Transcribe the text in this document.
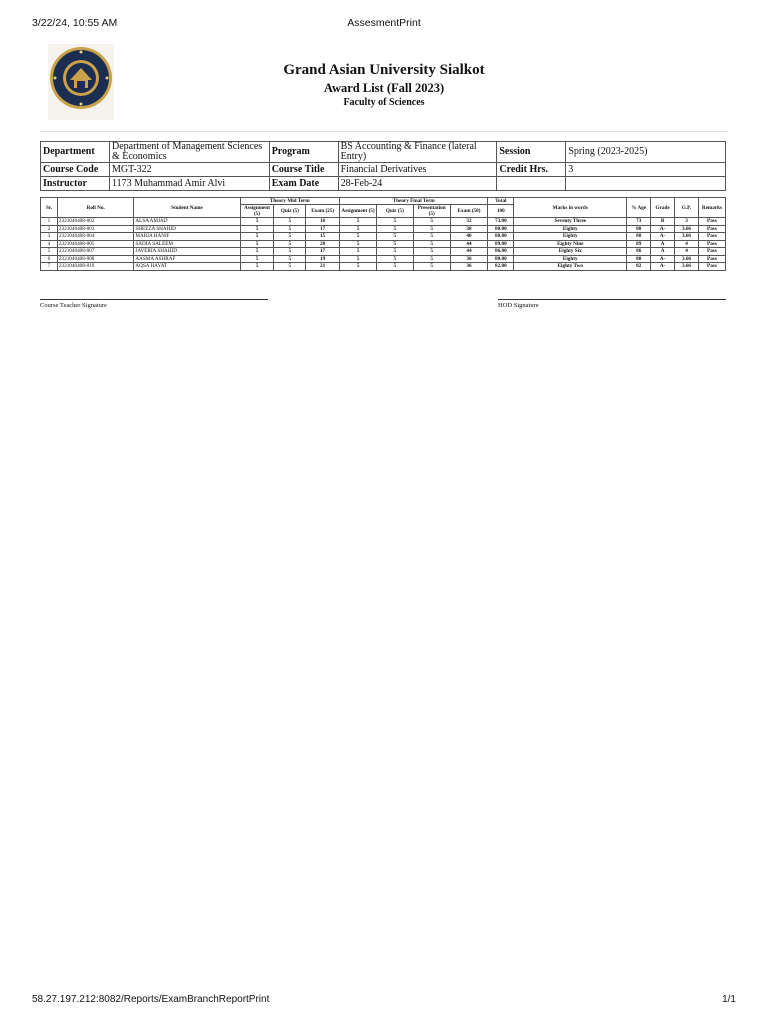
3/22/24, 10:55 AM	AssesmentPrint
Grand Asian University Sialkot
Award List (Fall 2023)
Faculty of Sciences
Department	Department of Management Sciences & Economics	Program	BS Accounting & Finance (lateral Entry)	Session	Spring (2023-2025)
Course Code	MGT-322	Course Title	Financial Derivatives	Credit Hrs.	3
Instructor	1173 Muhammad Amir Alvi	Exam Date	28-Feb-24		
Sr.	Roll No.	Student Name	Theory Mid Term			Theory Final Term				Total	Marks in words	% Age	Grade	G.P.	Remarks
			Assignment (5)	Quiz (5)	Exam (25)	Assignment (5)	Quiz (5)	Presentation (5)	Exam (50)	100					
1	2321040408-002	ALSA AMJAD	5	5	16	5	5	5	32	73.00	Seventy Three	73	B	3	Pass
2	2321040408-003	SHEEZA SHAHID	5	5	17	5	5	5	38	80.00	Eighty	80	A-	3.66	Pass
3	2321040408-004	MARIA HANIF	5	5	15	5	5	5	40	80.00	Eighty	80	A-	3.66	Pass
4	2321040408-005	SADIA SALEEM	5	5	20	5	5	5	44	89.00	Eighty Nine	89	A	4	Pass
5	2321040408-007	JAVERIA SHAHID	5	5	17	5	5	5	44	86.00	Eighty Six	86	A	4	Pass
6	2321040408-008	AASMA ASHRAF	5	5	19	5	5	5	36	80.00	Eighty	80	A-	3.66	Pass
7	2321040408-010	AQSA HAYAT	5	5	21	5	5	5	36	82.00	Eighty Two	82	A-	3.66	Pass
Course Teacher Signature	HOD Signature
58.27.197.212:8082/Reports/ExamBranchReportPrint	1/1
